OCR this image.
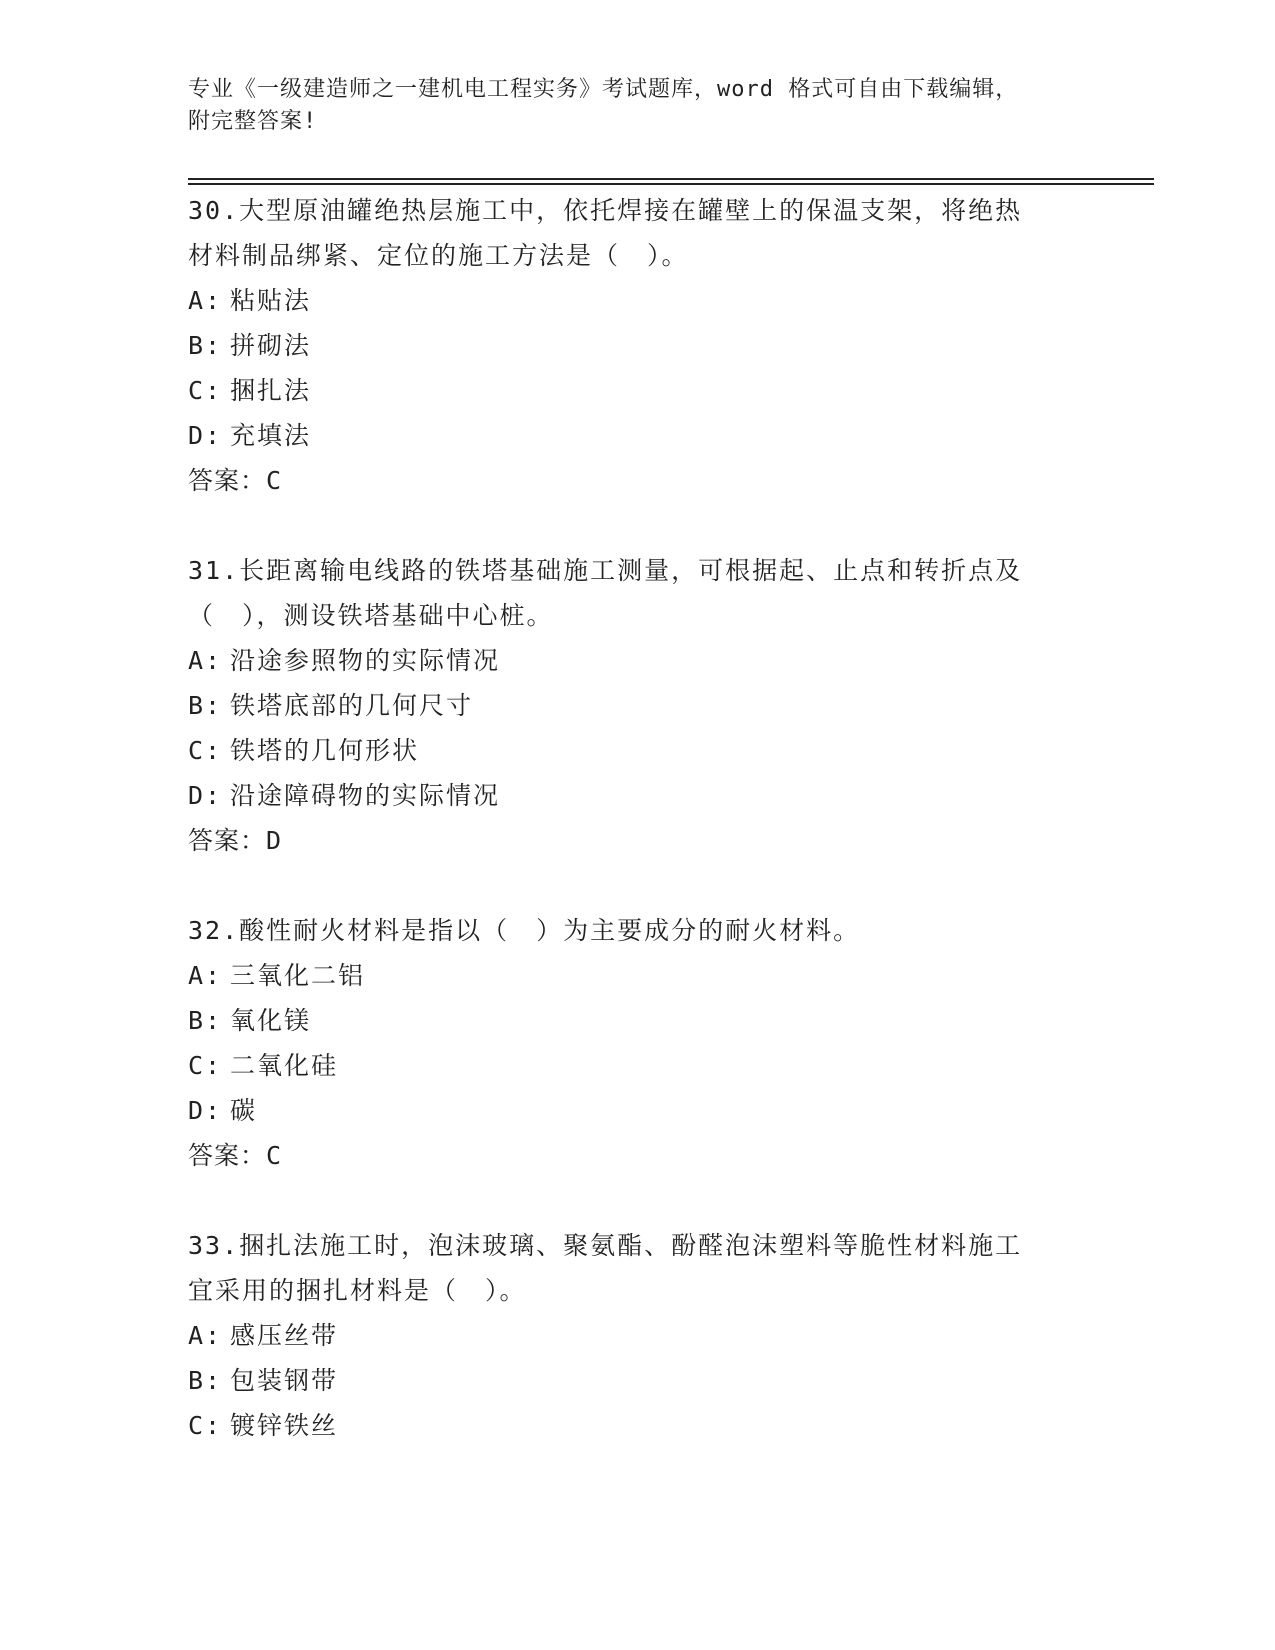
专业《一级建造师之一建机电工程实务》考试题库，word 格式可自由下载编辑，
附完整答案!

30.大型原油罐绝热层施工中，依托焊接在罐壁上的保温支架，将绝热

材料制品绑紧、定位的施工方法是（　）。

A: 粘贴法

B: 拼砌法

C: 捆扎法

D: 充填法

答案：C

31.长距离输电线路的铁塔基础施工测量，可根据起、止点和转折点及

（　），测设铁塔基础中心桩。

A: 沿途参照物的实际情况

B: 铁塔底部的几何尺寸

C: 铁塔的几何形状

D: 沿途障碍物的实际情况

答案：D

32.酸性耐火材料是指以（　）为主要成分的耐火材料。

A: 三氧化二铝

B: 氧化镁

C: 二氧化硅

D: 碳

答案：C

33.捆扎法施工时，泡沫玻璃、聚氨酯、酚醛泡沫塑料等脆性材料施工

宜采用的捆扎材料是（　）。

A: 感压丝带

B: 包装钢带

C: 镀锌铁丝
